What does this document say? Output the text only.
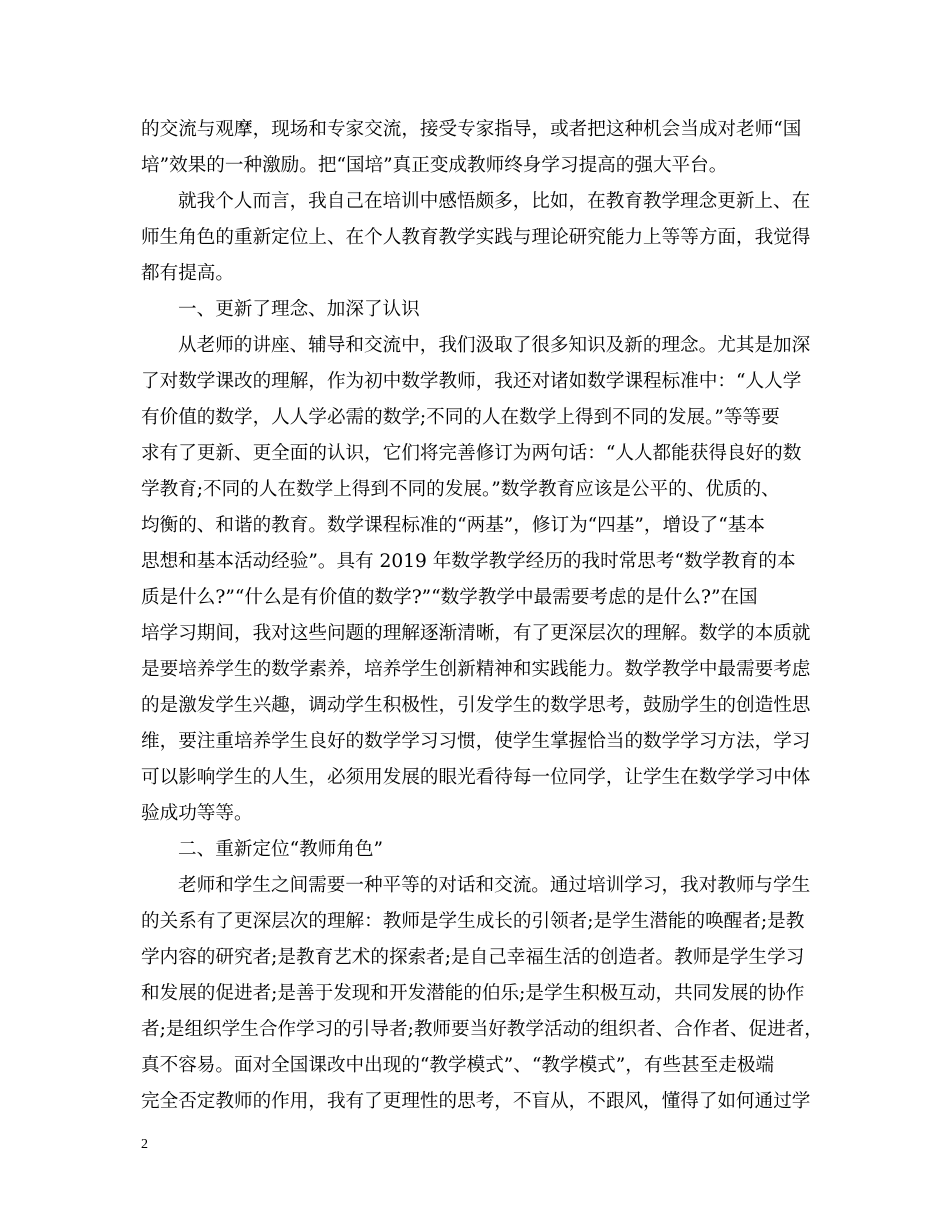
的交流与观摩，现场和专家交流，接受专家指导，或者把这种机会当成对老师“国
培”效果的一种激励。把“国培”真正变成教师终身学习提高的强大平台。
就我个人而言，我自己在培训中感悟颇多，比如，在教育教学理念更新上、在
师生角色的重新定位上、在个人教育教学实践与理论研究能力上等等方面，我觉得
都有提高。
一、更新了理念、加深了认识
从老师的讲座、辅导和交流中，我们汲取了很多知识及新的理念。尤其是加深
了对数学课改的理解，作为初中数学教师，我还对诸如数学课程标准中：“人人学
有价值的数学，人人学必需的数学;不同的人在数学上得到不同的发展。”等等要
求有了更新、更全面的认识，它们将完善修订为两句话：“人人都能获得良好的数
学教育;不同的人在数学上得到不同的发展。”数学教育应该是公平的、优质的、
均衡的、和谐的教育。数学课程标准的“两基”，修订为“四基”，增设了“基本
思想和基本活动经验”。具有 2019 年数学教学经历的我时常思考“数学教育的本
质是什么?”“什么是有价值的数学?”“数学教学中最需要考虑的是什么?”在国
培学习期间，我对这些问题的理解逐渐清晰，有了更深层次的理解。数学的本质就
是要培养学生的数学素养，培养学生创新精神和实践能力。数学教学中最需要考虑
的是激发学生兴趣，调动学生积极性，引发学生的数学思考，鼓励学生的创造性思
维，要注重培养学生良好的数学学习习惯，使学生掌握恰当的数学学习方法，学习
可以影响学生的人生，必须用发展的眼光看待每一位同学，让学生在数学学习中体
验成功等等。
二、重新定位“教师角色”
老师和学生之间需要一种平等的对话和交流。通过培训学习，我对教师与学生
的关系有了更深层次的理解：教师是学生成长的引领者;是学生潜能的唤醒者;是教
学内容的研究者;是教育艺术的探索者;是自己幸福生活的创造者。教师是学生学习
和发展的促进者;是善于发现和开发潜能的伯乐;是学生积极互动，共同发展的协作
者;是组织学生合作学习的引导者;教师要当好教学活动的组织者、合作者、促进者，
真不容易。面对全国课改中出现的“教学模式”、“教学模式”，有些甚至走极端
完全否定教师的作用，我有了更理性的思考，不盲从，不跟风，懂得了如何通过学
2
